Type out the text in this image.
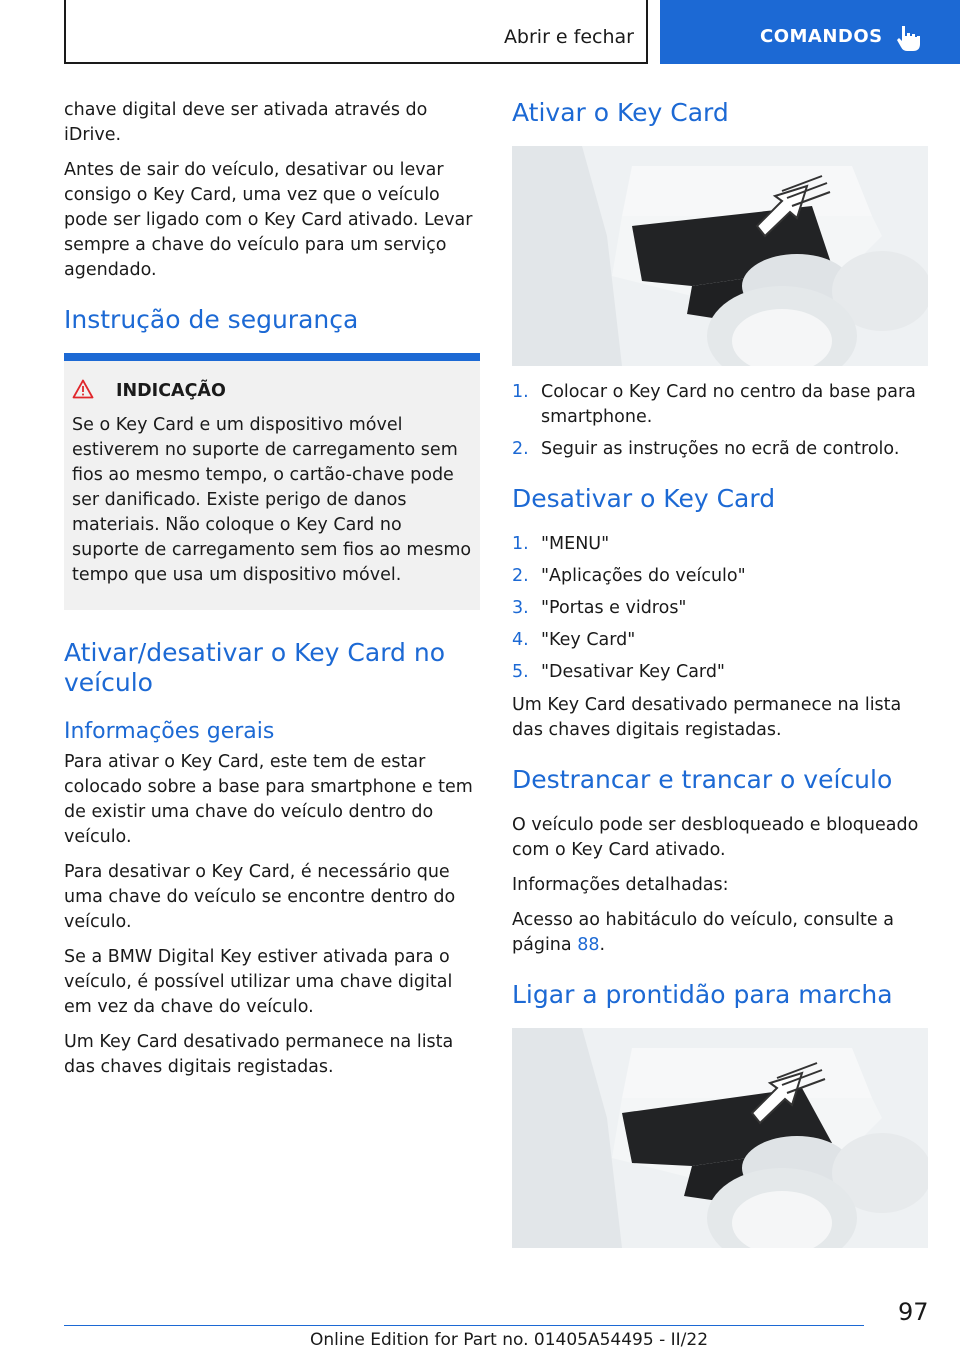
Abrir e fechar	COMANDOS

chave digital deve ser ativada através do iDrive.

Antes de sair do veículo, desativar ou levar consigo o Key Card, uma vez que o veículo pode ser ligado com o Key Card ativado. Levar sempre a chave do veículo para um serviço agendado.

Instrução de segurança
INDICAÇÃO

Se o Key Card e um dispositivo móvel estiverem no suporte de carregamento sem fios ao mesmo tempo, o cartão-chave pode ser danificado. Existe perigo de danos materiais. Não coloque o Key Card no suporte de carregamento sem fios ao mesmo tempo que usa um dispositivo móvel.

Ativar/desativar o Key Card no veículo
Informações gerais

Para ativar o Key Card, este tem de estar colocado sobre a base para smartphone e tem de existir uma chave do veículo dentro do veículo.

Para desativar o Key Card, é necessário que uma chave do veículo se encontre dentro do veículo.

Se a BMW Digital Key estiver ativada para o veículo, é possível utilizar uma chave digital em vez da chave do veículo.

Um Key Card desativado permanece na lista das chaves digitais registadas.

Ativar o Key Card
1. Colocar o Key Card no centro da base para smartphone.
2. Seguir as instruções no ecrã de controlo.
Desativar o Key Card
1. "MENU"
2. "Aplicações do veículo"
3. "Portas e vidros"
4. "Key Card"
5. "Desativar Key Card"

Um Key Card desativado permanece na lista das chaves digitais registadas.

Destrancar e trancar o veículo

O veículo pode ser desbloqueado e bloqueado com o Key Card ativado.

Informações detalhadas:

Acesso ao habitáculo do veículo, consulte a página 88.

Ligar a prontidão para marcha
97
Online Edition for Part no. 01405A54495 - II/22
